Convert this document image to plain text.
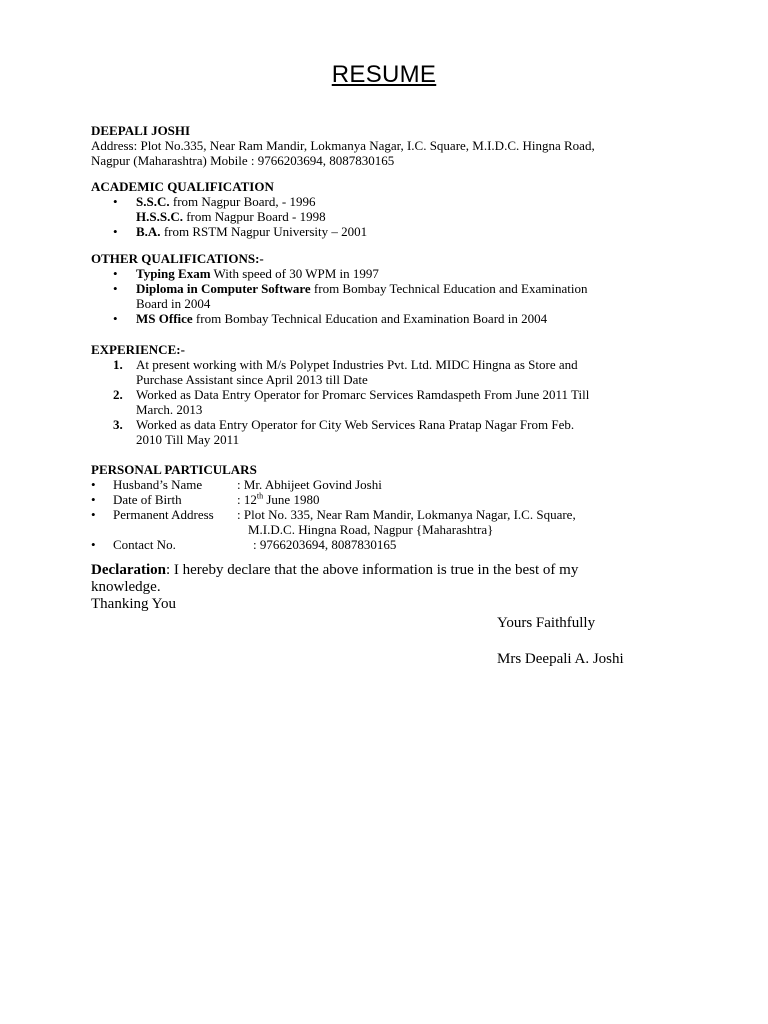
RESUME
DEEPALI JOSHI
Address: Plot No.335, Near Ram Mandir, Lokmanya Nagar, I.C. Square, M.I.D.C. Hingna Road,
Nagpur (Maharashtra) Mobile : 9766203694, 8087830165
ACADEMIC QUALIFICATION
• S.S.C. from Nagpur Board, - 1996
H.S.S.C. from Nagpur Board - 1998
• B.A. from RSTM Nagpur University – 2001
OTHER QUALIFICATIONS:-
• Typing Exam With speed of 30 WPM in 1997
• Diploma in Computer Software from Bombay Technical Education and Examination
Board in 2004
• MS Office from Bombay Technical Education and Examination Board in 2004
EXPERIENCE:-
1. At present working with M/s Polypet Industries Pvt. Ltd. MIDC Hingna as Store and
Purchase Assistant since April 2013 till Date
2. Worked as Data Entry Operator for Promarc Services Ramdaspeth From June 2011 Till
March. 2013
3. Worked as data Entry Operator for City Web Services Rana Pratap Nagar From Feb.
2010 Till May 2011
PERSONAL PARTICULARS
• Husband’s Name	: Mr. Abhijeet Govind Joshi
• Date of Birth	: 12th June 1980
• Permanent Address : Plot No. 335, Near Ram Mandir, Lokmanya Nagar, I.C. Square,
M.I.D.C. Hingna Road, Nagpur {Maharashtra}
• Contact No.	: 9766203694, 8087830165
Declaration: I hereby declare that the above information is true in the best of my
knowledge.
Thanking You
Yours Faithfully
Mrs Deepali A. Joshi
